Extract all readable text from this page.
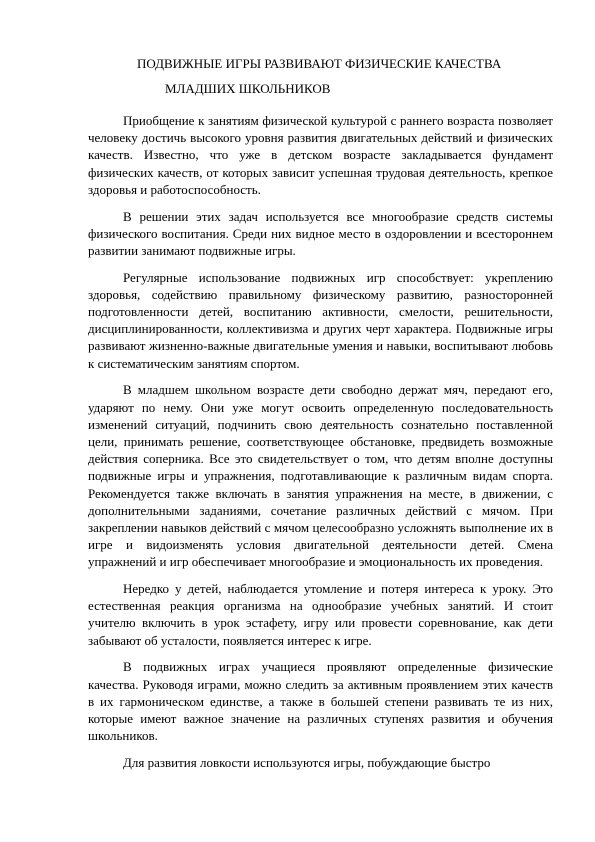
ПОДВИЖНЫЕ ИГРЫ РАЗВИВАЮТ ФИЗИЧЕСКИЕ КАЧЕСТВА
МЛАДШИХ ШКОЛЬНИКОВ

Приобщение к занятиям физической культурой с раннего возраста позволяет человеку достичь высокого уровня развития двигательных действий и физических качеств. Известно, что уже в детском возрасте закладывается фундамент физических качеств, от которых зависит успешная трудовая деятельность, крепкое здоровья и работоспособность.

В решении этих задач используется все многообразие средств системы физического воспитания. Среди них видное место в оздоровлении и всестороннем развитии занимают подвижные игры.

Регулярные использование подвижных игр способствует: укреплению здоровья, содействию правильному физическому развитию, разносторонней подготовленности детей, воспитанию активности, смелости, решительности, дисциплинированности, коллективизма и других черт характера. Подвижные игры развивают жизненно-важные двигательные умения и навыки, воспитывают любовь к систематическим занятиям спортом.

В младшем школьном возрасте дети свободно держат мяч, передают его, ударяют по нему. Они уже могут освоить определенную последовательность изменений ситуаций, подчинить свою деятельность сознательно поставленной цели, принимать решение, соответствующее обстановке, предвидеть возможные действия соперника. Все это свидетельствует о том, что детям вполне доступны подвижные игры и упражнения, подготавливающие к различным видам спорта. Рекомендуется также включать в занятия упражнения на месте, в движении, с дополнительными заданиями, сочетание различных действий с мячом. При закреплении навыков действий с мячом целесообразно усложнять выполнение их в игре и видоизменять условия двигательной деятельности детей. Смена упражнений и игр обеспечивает многообразие и эмоциональность их проведения.

Нередко у детей, наблюдается утомление и потеря интереса к уроку. Это естественная реакция организма на однообразие учебных занятий. И стоит учителю включить в урок эстафету, игру или провести соревнование, как дети забывают об усталости, появляется интерес к игре.

В подвижных играх учащиеся проявляют определенные физические качества. Руководя играми, можно следить за активным проявлением этих качеств в их гармоническом единстве, а также в большей степени развивать те из них, которые имеют важное значение на различных ступенях развития и обучения школьников.

Для развития ловкости используются игры, побуждающие быстро
